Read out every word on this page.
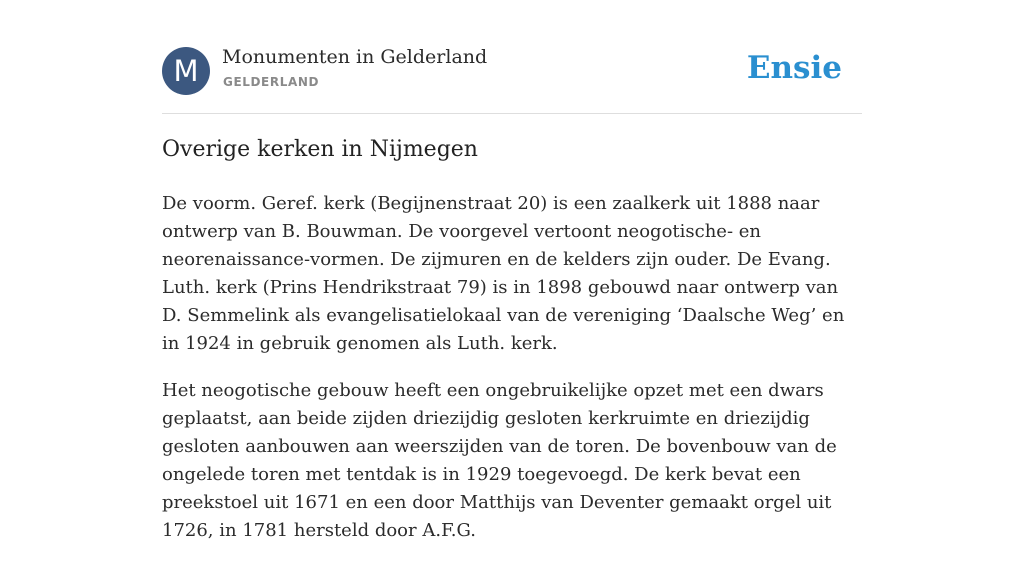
M	Monumenten in Gelderland
GELDERLAND	Ensie
Overige kerken in Nijmegen

De voorm. Geref. kerk (Begijnenstraat 20) is een zaalkerk uit 1888 naar ontwerp van B. Bouwman. De voorgevel vertoont neogotische- en neorenaissance-vormen. De zijmuren en de kelders zijn ouder. De Evang. Luth. kerk (Prins Hendrikstraat 79) is in 1898 gebouwd naar ontwerp van D. Semmelink als evangelisatielokaal van de vereniging ‘Daalsche Weg’ en in 1924 in gebruik genomen als Luth. kerk.

Het neogotische gebouw heeft een ongebruikelijke opzet met een dwars geplaatst, aan beide zijden driezijdig gesloten kerkruimte en driezijdig gesloten aanbouwen aan weerszijden van de toren. De bovenbouw van de ongelede toren met tentdak is in 1929 toegevoegd. De kerk bevat een preekstoel uit 1671 en een door Matthijs van Deventer gemaakt orgel uit 1726, in 1781 hersteld door A.F.G.
